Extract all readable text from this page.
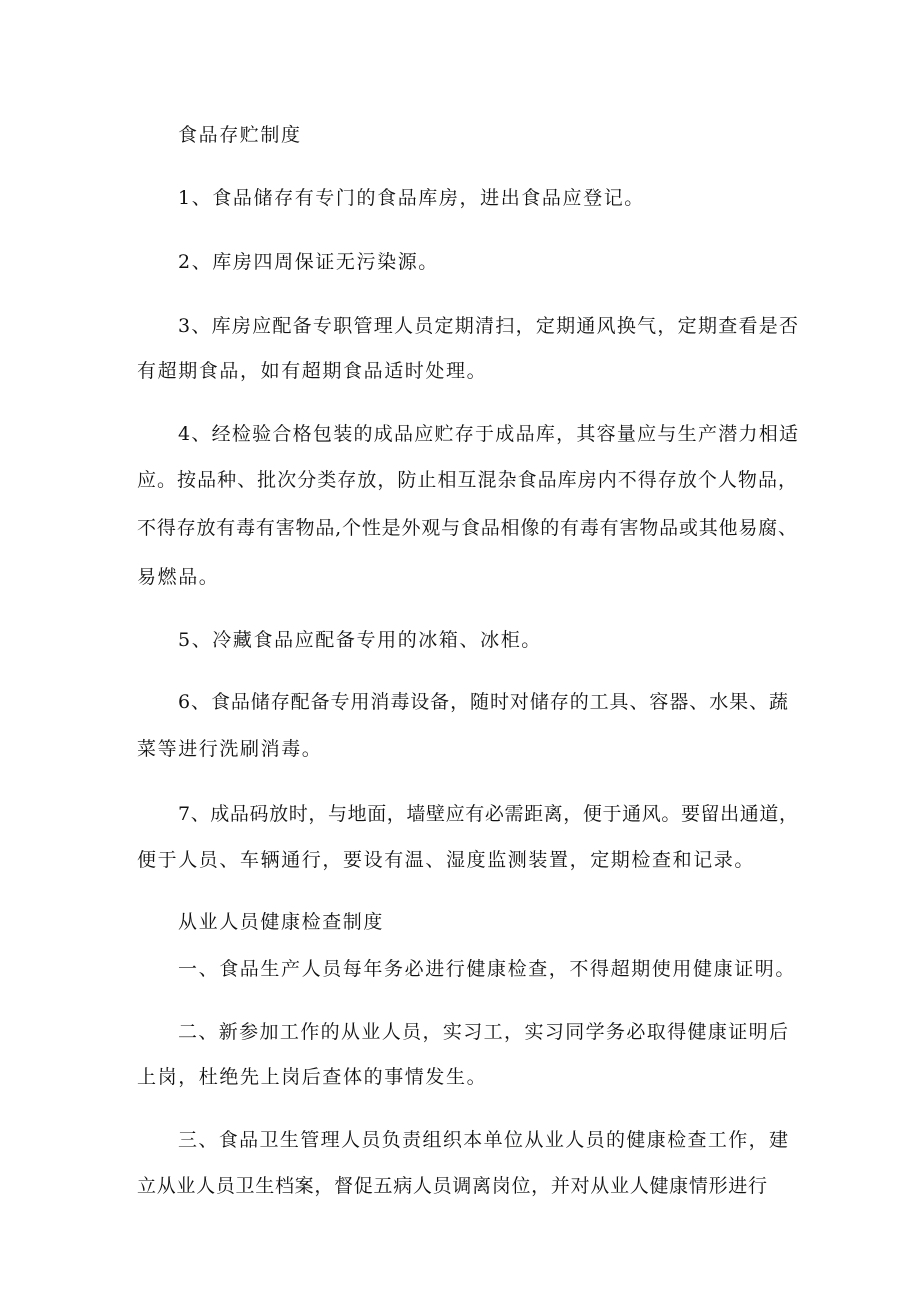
食品存贮制度
1、食品储存有专门的食品库房，进出食品应登记。
2、库房四周保证无污染源。
3、库房应配备专职管理人员定期清扫，定期通风换气，定期查看是否
有超期食品，如有超期食品适时处理。
4、经检验合格包装的成品应贮存于成品库，其容量应与生产潜力相适
应。按品种、批次分类存放，防止相互混杂食品库房内不得存放个人物品，
不得存放有毒有害物品,个性是外观与食品相像的有毒有害物品或其他易腐、
易燃品。
5、冷藏食品应配备专用的冰箱、冰柜。
6、食品储存配备专用消毒设备，随时对储存的工具、容器、水果、蔬
菜等进行洗刷消毒。
7、成品码放时，与地面，墙壁应有必需距离，便于通风。要留出通道，
便于人员、车辆通行，要设有温、湿度监测装置，定期检查和记录。
从业人员健康检查制度
一、食品生产人员每年务必进行健康检查，不得超期使用健康证明。
二、新参加工作的从业人员，实习工，实习同学务必取得健康证明后
上岗，杜绝先上岗后查体的事情发生。
三、食品卫生管理人员负责组织本单位从业人员的健康检查工作，建
立从业人员卫生档案，督促五病人员调离岗位，并对从业人健康情形进行
